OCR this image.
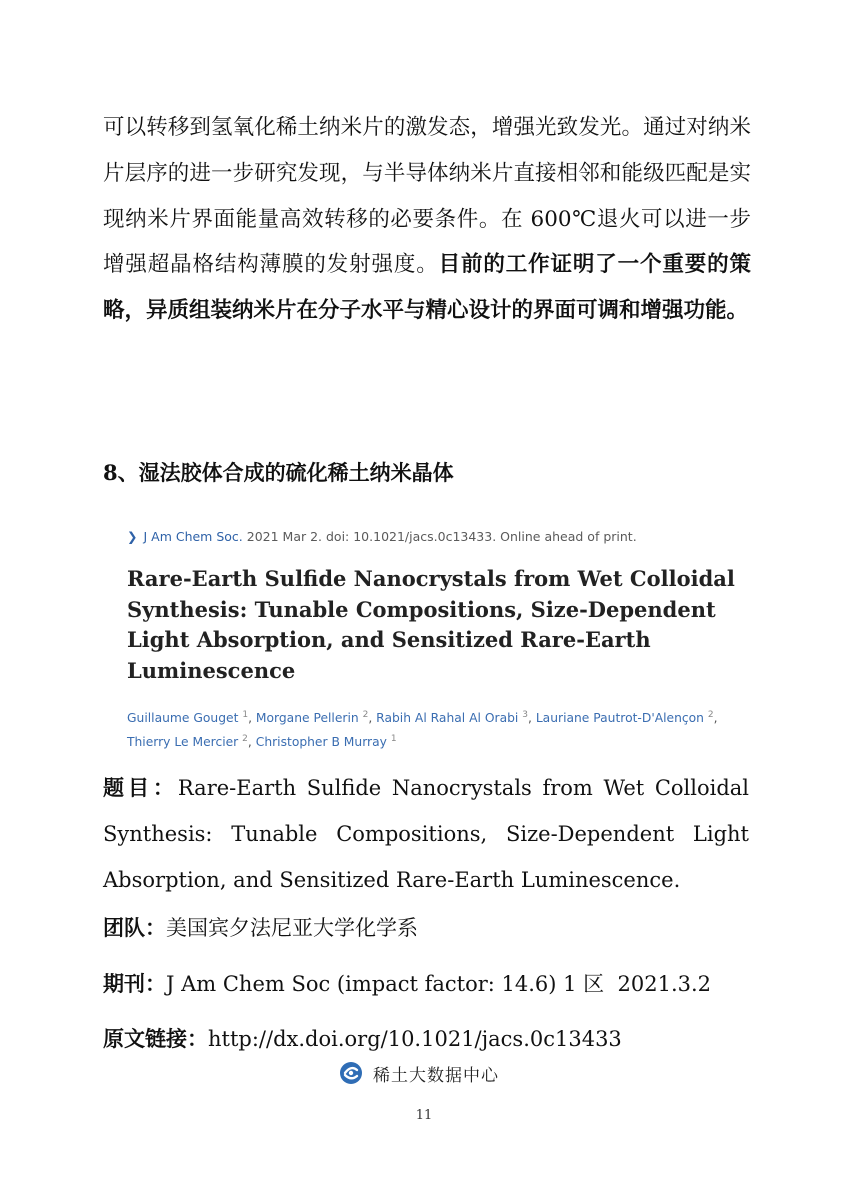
可以转移到氢氧化稀土纳米片的激发态，增强光致发光。通过对纳米片层序的进一步研究发现，与半导体纳米片直接相邻和能级匹配是实现纳米片界面能量高效转移的必要条件。在 600℃退火可以进一步增强超晶格结构薄膜的发射强度。目前的工作证明了一个重要的策略，异质组装纳米片在分子水平与精心设计的界面可调和增强功能。

8、湿法胶体合成的硫化稀土纳米晶体
❯ J Am Chem Soc. 2021 Mar 2. doi: 10.1021/jacs.0c13433. Online ahead of print.
Rare-Earth Sulfide Nanocrystals from Wet Colloidal Synthesis: Tunable Compositions, Size-Dependent Light Absorption, and Sensitized Rare-Earth Luminescence
Guillaume Gouget $^1$, Morgane Pellerin $^2$, Rabih Al Rahal Al Orabi $^3$, Lauriane Pautrot-D'Alençon $^2$,
Thierry Le Mercier $^2$, Christopher B Murray $^1$

题目：Rare-Earth Sulfide Nanocrystals from Wet Colloidal Synthesis: Tunable Compositions, Size-Dependent Light Absorption, and Sensitized Rare-Earth Luminescence.

团队：美国宾夕法尼亚大学化学系

期刊：J Am Chem Soc (impact factor: 14.6) 1 区  2021.3.2

原文链接：http://dx.doi.org/10.1021/jacs.0c13433

稀土大数据中心
11
